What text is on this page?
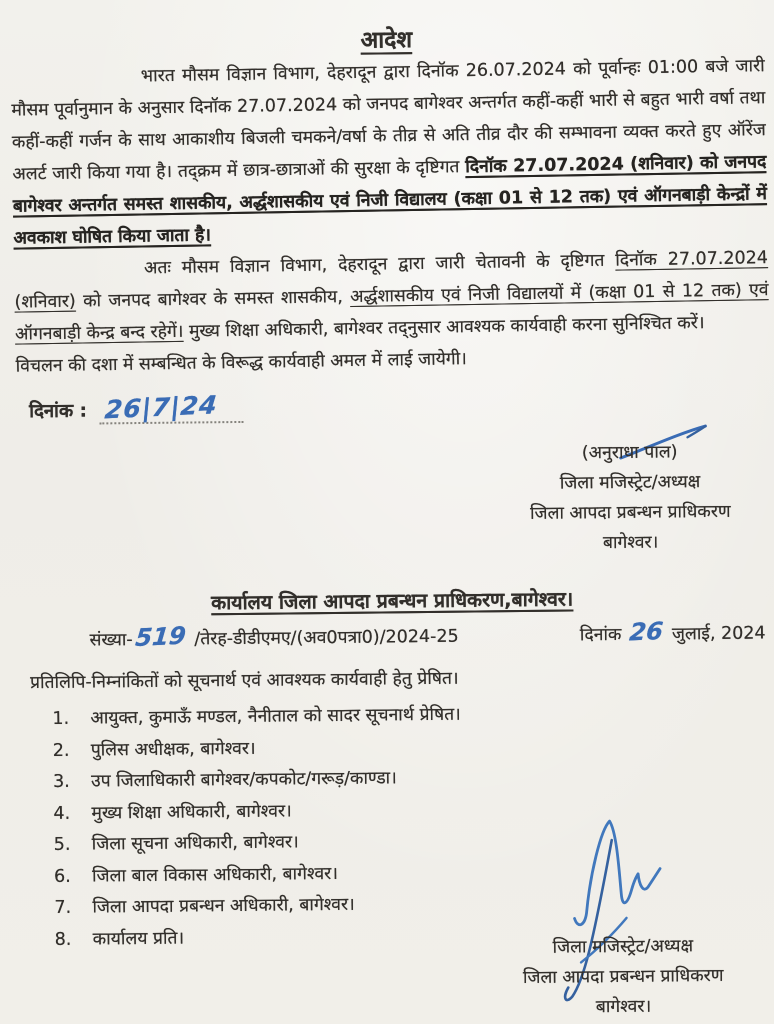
आदेश

भारत मौसम विज्ञान विभाग, देहरादून द्वारा दिनॉक 26.07.2024 को पूर्वान्हः 01:00 बजे जारी मौसम पूर्वानुमान के अनुसार दिनॉक 27.07.2024 को जनपद बागेश्वर अन्तर्गत कहीं-कहीं भारी से बहुत भारी वर्षा तथा कहीं-कहीं गर्जन के साथ आकाशीय बिजली चमकने/वर्षा के तीव्र से अति तीव्र दौर की सम्भावना व्यक्त करते हुए ऑरेंज अलर्ट जारी किया गया है। तद्क्रम में छात्र-छात्राओं की सुरक्षा के दृष्टिगत दिनॉक 27.07.2024 (शनिवार) को जनपद बागेश्वर अन्तर्गत समस्त शासकीय, अर्द्धशासकीय एवं निजी विद्यालय (कक्षा 01 से 12 तक) एवं ऑगनबाड़ी केन्द्रों में अवकाश घोषित किया जाता है।

अतः मौसम विज्ञान विभाग, देहरादून द्वारा जारी चेतावनी के दृष्टिगत दिनॉक 27.07.2024 (शनिवार) को जनपद बागेश्वर के समस्त शासकीय, अर्द्धशासकीय एवं निजी विद्यालयों में (कक्षा 01 से 12 तक) एवं ऑगनबाड़ी केन्द्र बन्द रहेगें। मुख्य शिक्षा अधिकारी, बागेश्वर तद्नुसार आवश्यक कार्यवाही करना सुनिश्चित करें।

विचलन की दशा में सम्बन्धित के विरूद्ध कार्यवाही अमल में लाई जायेगी।

दिनांक : 26|7|24
(अनुराधा पाल)
जिला मजिस्ट्रेट/अध्यक्ष
जिला आपदा प्रबन्धन प्राधिकरण
बागेश्वर।
कार्यालय जिला आपदा प्रबन्धन प्राधिकरण,बागेश्वर।
संख्या-519 /तेरह-डीडीएमए/(अव0पत्रा0)/2024-25	दिनांक 26 जुलाई, 2024
प्रतिलिपि-निम्नांकितों को सूचनार्थ एवं आवश्यक कार्यवाही हेतु प्रेषित।
1.	आयुक्त, कुमाऊँ मण्डल, नैनीताल को सादर सूचनार्थ प्रेषित।
2.	पुलिस अधीक्षक, बागेश्वर।
3.	उप जिलाधिकारी बागेश्वर/कपकोट/गरूड़/काण्डा।
4.	मुख्य शिक्षा अधिकारी, बागेश्वर।
5.	जिला सूचना अधिकारी, बागेश्वर।
6.	जिला बाल विकास अधिकारी, बागेश्वर।
7.	जिला आपदा प्रबन्धन अधिकारी, बागेश्वर।
8.	कार्यालय प्रति।	जिला मजिस्ट्रेट/अध्यक्ष
जिला आपदा प्रबन्धन प्राधिकरण
बागेश्वर।
